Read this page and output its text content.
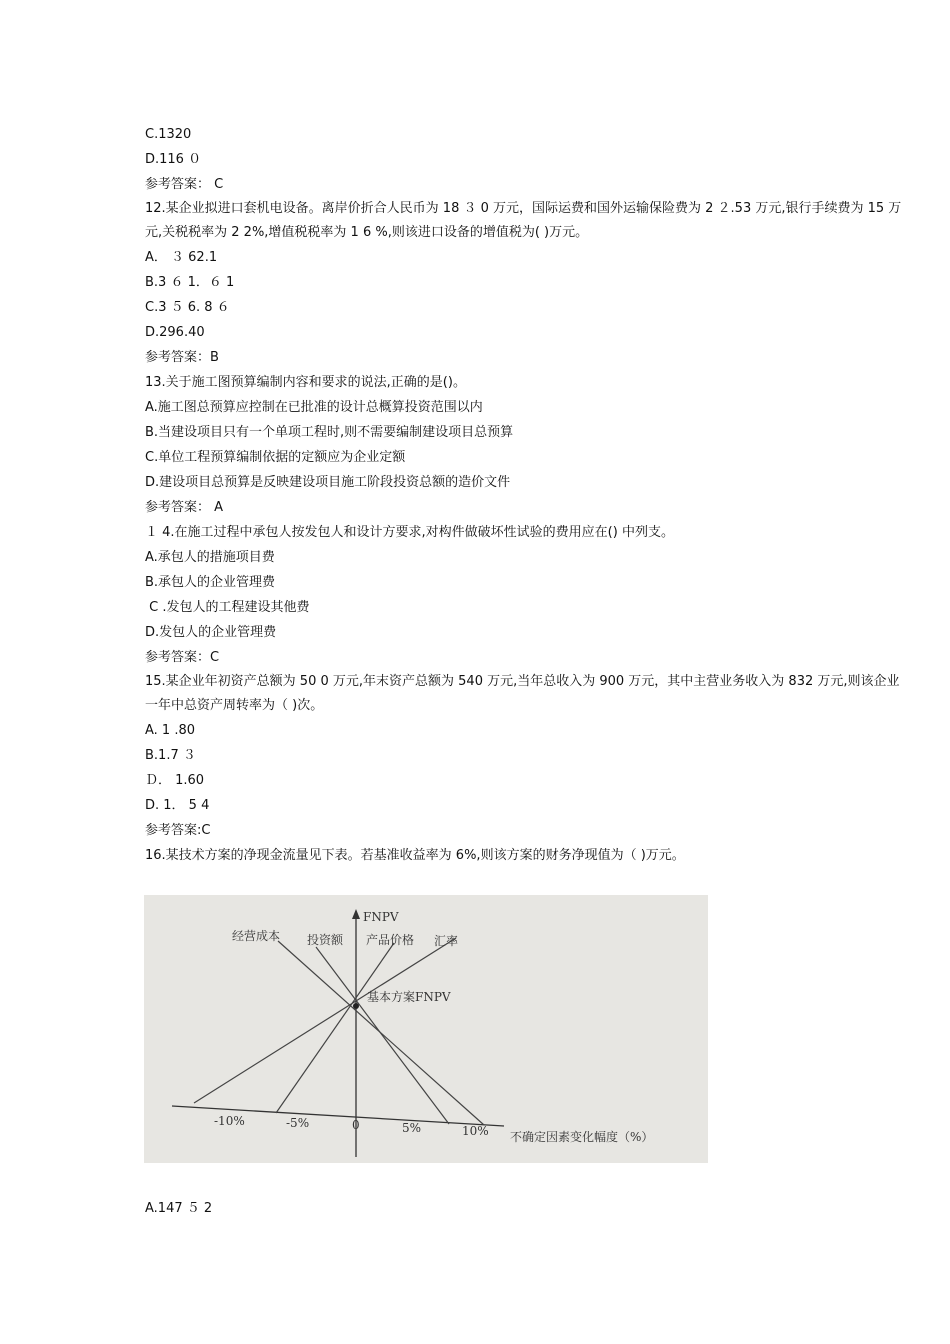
C.1320

D.116 ０

参考答案： C

12.某企业拟进口套机电设备。离岸价折合人民币为 18 ３ 0 万元，国际运费和国外运输保险费为 2 ２.53 万元,银行手续费为 15 万元,关税税率为 2 2%,增值税税率为 1 6 %,则该进口设备的增值税为( )万元。

A． ３ 62.1

B.3 ６ 1．６ 1

C.3 ５ 6. 8 ６

D.296.40

参考答案：B

13.关于施工图预算编制内容和要求的说法,正确的是()。

A.施工图总预算应控制在已批准的设计总概算投资范围以内

B.当建设项目只有一个单项工程时,则不需要编制建设项目总预算

C.单位工程预算编制依据的定额应为企业定额

D.建设项目总预算是反映建设项目施工阶段投资总额的造价文件

参考答案： A

１ 4.在施工过程中承包人按发包人和设计方要求,对构件做破坏性试验的费用应在() 中列支。

A.承包人的措施项目费

B.承包人的企业管理费

C .发包人的工程建设其他费

D.发包人的企业管理费

参考答案：C

15.某企业年初资产总额为 50 0 万元,年末资产总额为 540 万元,当年总收入为 900 万元，其中主营业务收入为 832 万元,则该企业一年中总资产周转率为（ )次。

A. 1 .80

B.1.7 ３

Ｄ． 1.60

D. 1． 5 4

参考答案:C

16.某技术方案的净现金流量见下表。若基准收益率为 6%,则该方案的财务净现值为（ )万元。

FNPV
经营成本 投资额 产品价格 汇率
基本方案FNPV
-10%	-5%	0	5%	10% 不确定因素变化幅度（%）
A.147 ５ 2
